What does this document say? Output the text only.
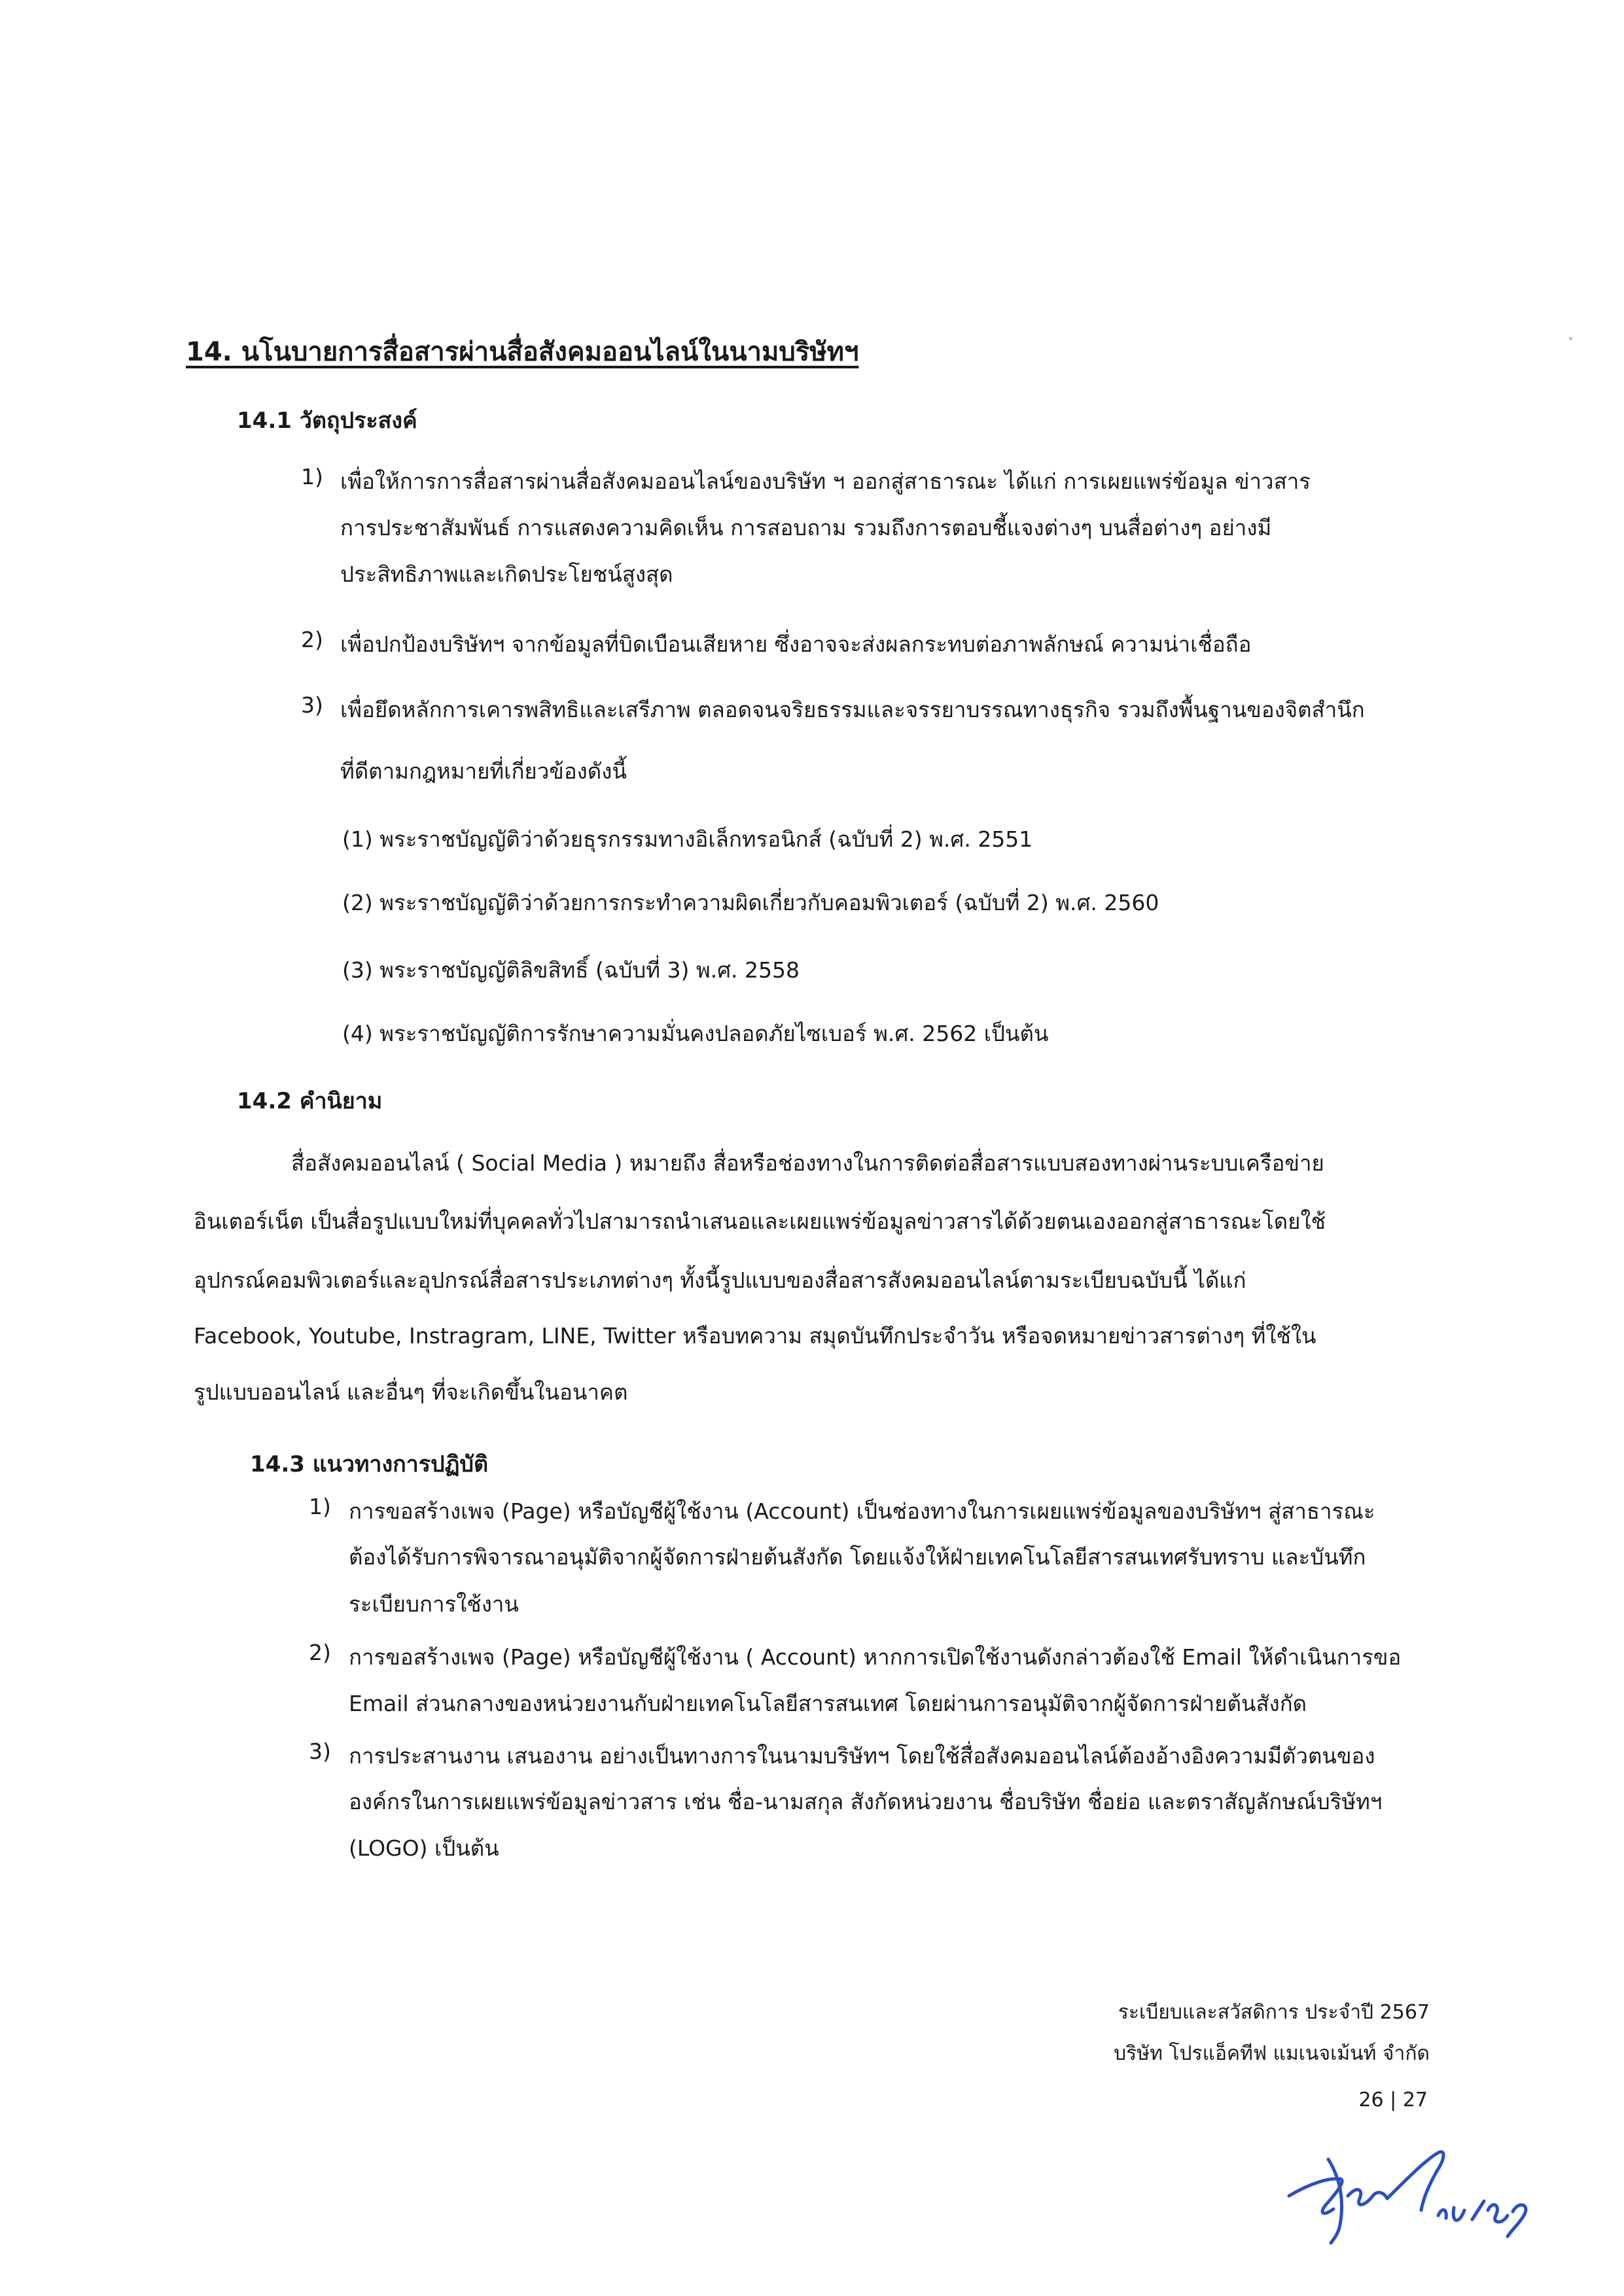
14. นโนบายการสื่อสารผ่านสื่อสังคมออนไลน์ในนามบริษัทฯ
14.1 วัตถุประสงค์
1) เพื่อให้การการสื่อสารผ่านสื่อสังคมออนไลน์ของบริษัท ฯ ออกสู่สาธารณะ ได้แก่ การเผยแพร่ข้อมูล ข่าวสาร
การประชาสัมพันธ์ การแสดงความคิดเห็น การสอบถาม รวมถึงการตอบชี้แจงต่างๆ บนสื่อต่างๆ อย่างมี
ประสิทธิภาพและเกิดประโยชน์สูงสุด
2) เพื่อปกป้องบริษัทฯ จากข้อมูลที่บิดเบือนเสียหาย ซึ่งอาจจะส่งผลกระทบต่อภาพลักษณ์ ความน่าเชื่อถือ
3) เพื่อยึดหลักการเคารพสิทธิและเสรีภาพ ตลอดจนจริยธรรมและจรรยาบรรณทางธุรกิจ รวมถึงพื้นฐานของจิตสำนึก
ที่ดีตามกฎหมายที่เกี่ยวข้องดังนี้
(1) พระราชบัญญัติว่าด้วยธุรกรรมทางอิเล็กทรอนิกส์ (ฉบับที่ 2) พ.ศ. 2551
(2) พระราชบัญญัติว่าด้วยการกระทำความผิดเกี่ยวกับคอมพิวเตอร์ (ฉบับที่ 2) พ.ศ. 2560
(3) พระราชบัญญัติลิขสิทธิ์ (ฉบับที่ 3) พ.ศ. 2558
(4) พระราชบัญญัติการรักษาความมั่นคงปลอดภัยไซเบอร์ พ.ศ. 2562 เป็นต้น
14.2 คำนิยาม
สื่อสังคมออนไลน์ ( Social Media ) หมายถึง สื่อหรือช่องทางในการติดต่อสื่อสารแบบสองทางผ่านระบบเครือข่าย
อินเตอร์เน็ต เป็นสื่อรูปแบบใหม่ที่บุคคลทั่วไปสามารถนำเสนอและเผยแพร่ข้อมูลข่าวสารได้ด้วยตนเองออกสู่สาธารณะโดยใช้
อุปกรณ์คอมพิวเตอร์และอุปกรณ์สื่อสารประเภทต่างๆ ทั้งนี้รูปแบบของสื่อสารสังคมออนไลน์ตามระเบียบฉบับนี้ ได้แก่
Facebook, Youtube, Instragram, LINE, Twitter หรือบทความ สมุดบันทึกประจำวัน หรือจดหมายข่าวสารต่างๆ ที่ใช้ใน
รูปแบบออนไลน์ และอื่นๆ ที่จะเกิดขึ้นในอนาคต
14.3 แนวทางการปฏิบัติ
1) การขอสร้างเพจ (Page) หรือบัญชีผู้ใช้งาน (Account) เป็นช่องทางในการเผยแพร่ข้อมูลของบริษัทฯ สู่สาธารณะ
ต้องได้รับการพิจารณาอนุมัติจากผู้จัดการฝ่ายต้นสังกัด โดยแจ้งให้ฝ่ายเทคโนโลยีสารสนเทศรับทราบ และบันทึก
ระเบียบการใช้งาน
2) การขอสร้างเพจ (Page) หรือบัญชีผู้ใช้งาน ( Account) หากการเปิดใช้งานดังกล่าวต้องใช้ Email ให้ดำเนินการขอ
Email ส่วนกลางของหน่วยงานกับฝ่ายเทคโนโลยีสารสนเทศ โดยผ่านการอนุมัติจากผู้จัดการฝ่ายต้นสังกัด
3) การประสานงาน เสนองาน อย่างเป็นทางการในนามบริษัทฯ โดยใช้สื่อสังคมออนไลน์ต้องอ้างอิงความมีตัวตนของ
องค์กรในการเผยแพร่ข้อมูลข่าวสาร เช่น ชื่อ-นามสกุล สังกัดหน่วยงาน ชื่อบริษัท ชื่อย่อ และตราสัญลักษณ์บริษัทฯ
(LOGO) เป็นต้น
ระเบียบและสวัสดิการ ประจำปี 2567
บริษัท โปรแอ็คทีฟ แมเนจเม้นท์ จำกัด
26 | 27
